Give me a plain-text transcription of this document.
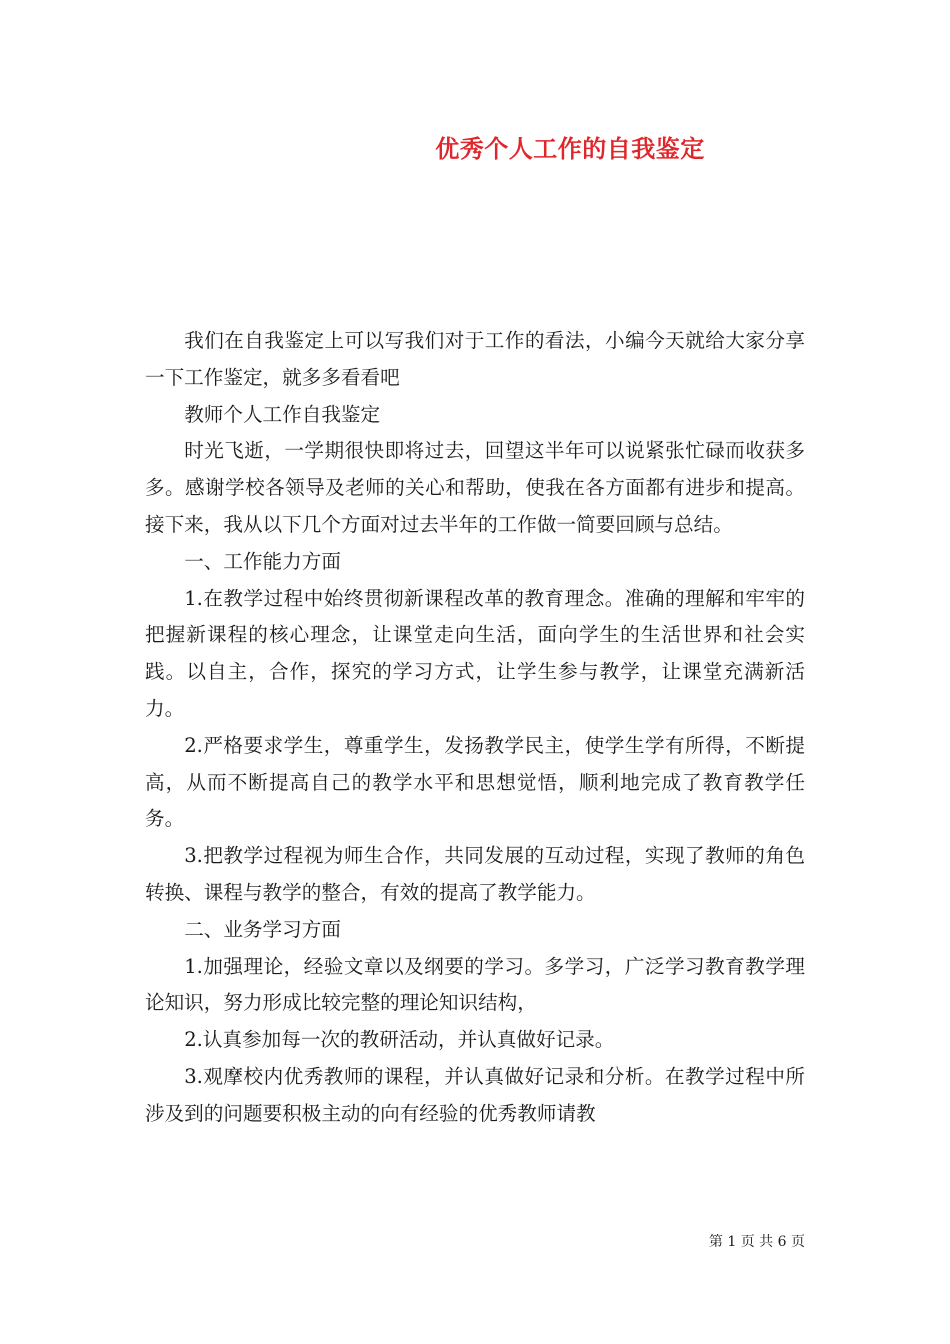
优秀个人工作的自我鉴定

我们在自我鉴定上可以写我们对于工作的看法，小编今天就给大家分享一下工作鉴定，就多多看看吧

教师个人工作自我鉴定

时光飞逝，一学期很快即将过去，回望这半年可以说紧张忙碌而收获多多。感谢学校各领导及老师的关心和帮助，使我在各方面都有进步和提高。接下来，我从以下几个方面对过去半年的工作做一简要回顾与总结。

一、工作能力方面

1.在教学过程中始终贯彻新课程改革的教育理念。准确的理解和牢牢的把握新课程的核心理念，让课堂走向生活，面向学生的生活世界和社会实践。以自主，合作，探究的学习方式，让学生参与教学，让课堂充满新活力。

2.严格要求学生，尊重学生，发扬教学民主，使学生学有所得，不断提高，从而不断提高自己的教学水平和思想觉悟，顺利地完成了教育教学任务。

3.把教学过程视为师生合作，共同发展的互动过程，实现了教师的角色转换、课程与教学的整合，有效的提高了教学能力。

二、业务学习方面

1.加强理论，经验文章以及纲要的学习。多学习，广泛学习教育教学理论知识，努力形成比较完整的理论知识结构，

2.认真参加每一次的教研活动，并认真做好记录。

3.观摩校内优秀教师的课程，并认真做好记录和分析。在教学过程中所涉及到的问题要积极主动的向有经验的优秀教师请教

第 1 页 共 6 页
